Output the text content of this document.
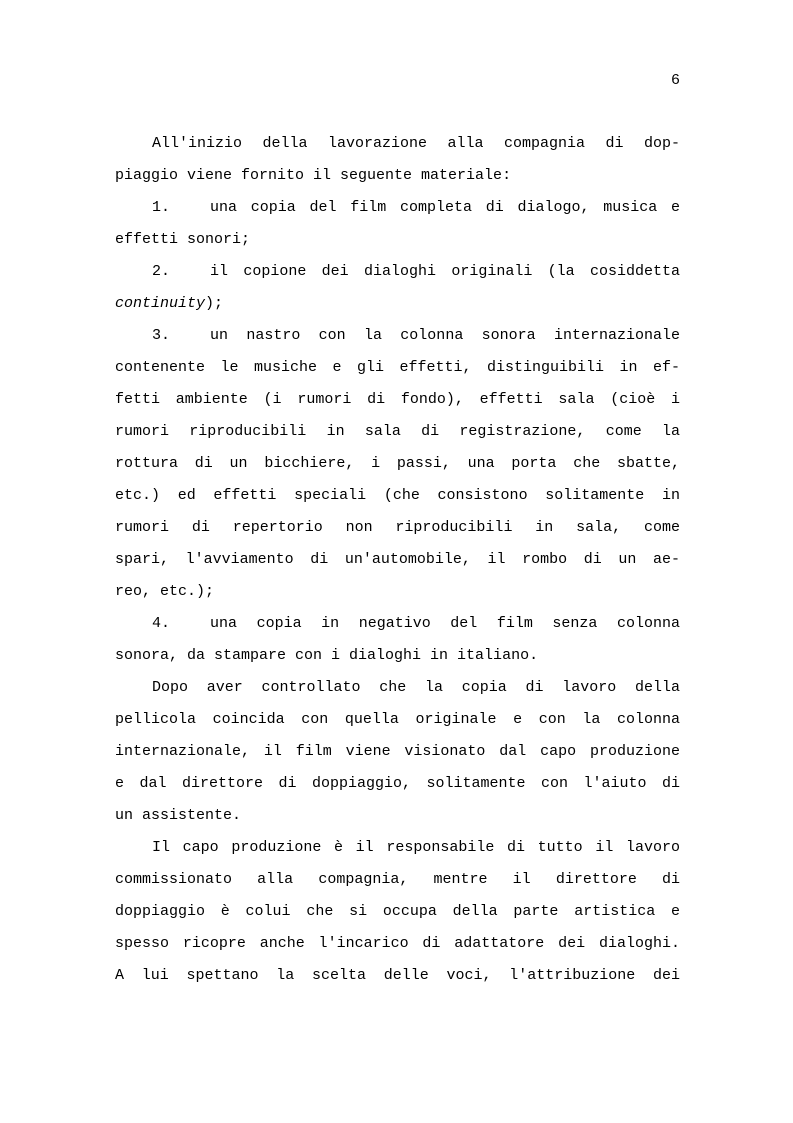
6
All'inizio della lavorazione alla compagnia di dop-
piaggio viene fornito il seguente materiale:
1.	una copia del film completa di dialogo, musica e
effetti sonori;
2.	il copione dei dialoghi originali (la cosiddetta
continuity);
3.	un nastro con la colonna sonora internazionale
contenente le musiche e gli effetti, distinguibili in ef-
fetti ambiente (i rumori di fondo), effetti sala (cioè i
rumori riproducibili in sala di registrazione, come la
rottura di un bicchiere, i passi, una porta che sbatte,
etc.) ed effetti speciali (che consistono solitamente in
rumori di repertorio non riproducibili in sala, come
spari, l'avviamento di un'automobile, il rombo di un ae-
reo, etc.);
4.	una copia in negativo del film senza colonna
sonora, da stampare con i dialoghi in italiano.
Dopo aver controllato che la copia di lavoro della
pellicola coincida con quella originale e con la colonna
internazionale, il film viene visionato dal capo produzione
e dal direttore di doppiaggio, solitamente con l'aiuto di
un assistente.
Il capo produzione è il responsabile di tutto il lavoro
commissionato alla compagnia, mentre il direttore di
doppiaggio è colui che si occupa della parte artistica e
spesso ricopre anche l'incarico di adattatore dei dialoghi.
A lui spettano la scelta delle voci, l'attribuzione dei
